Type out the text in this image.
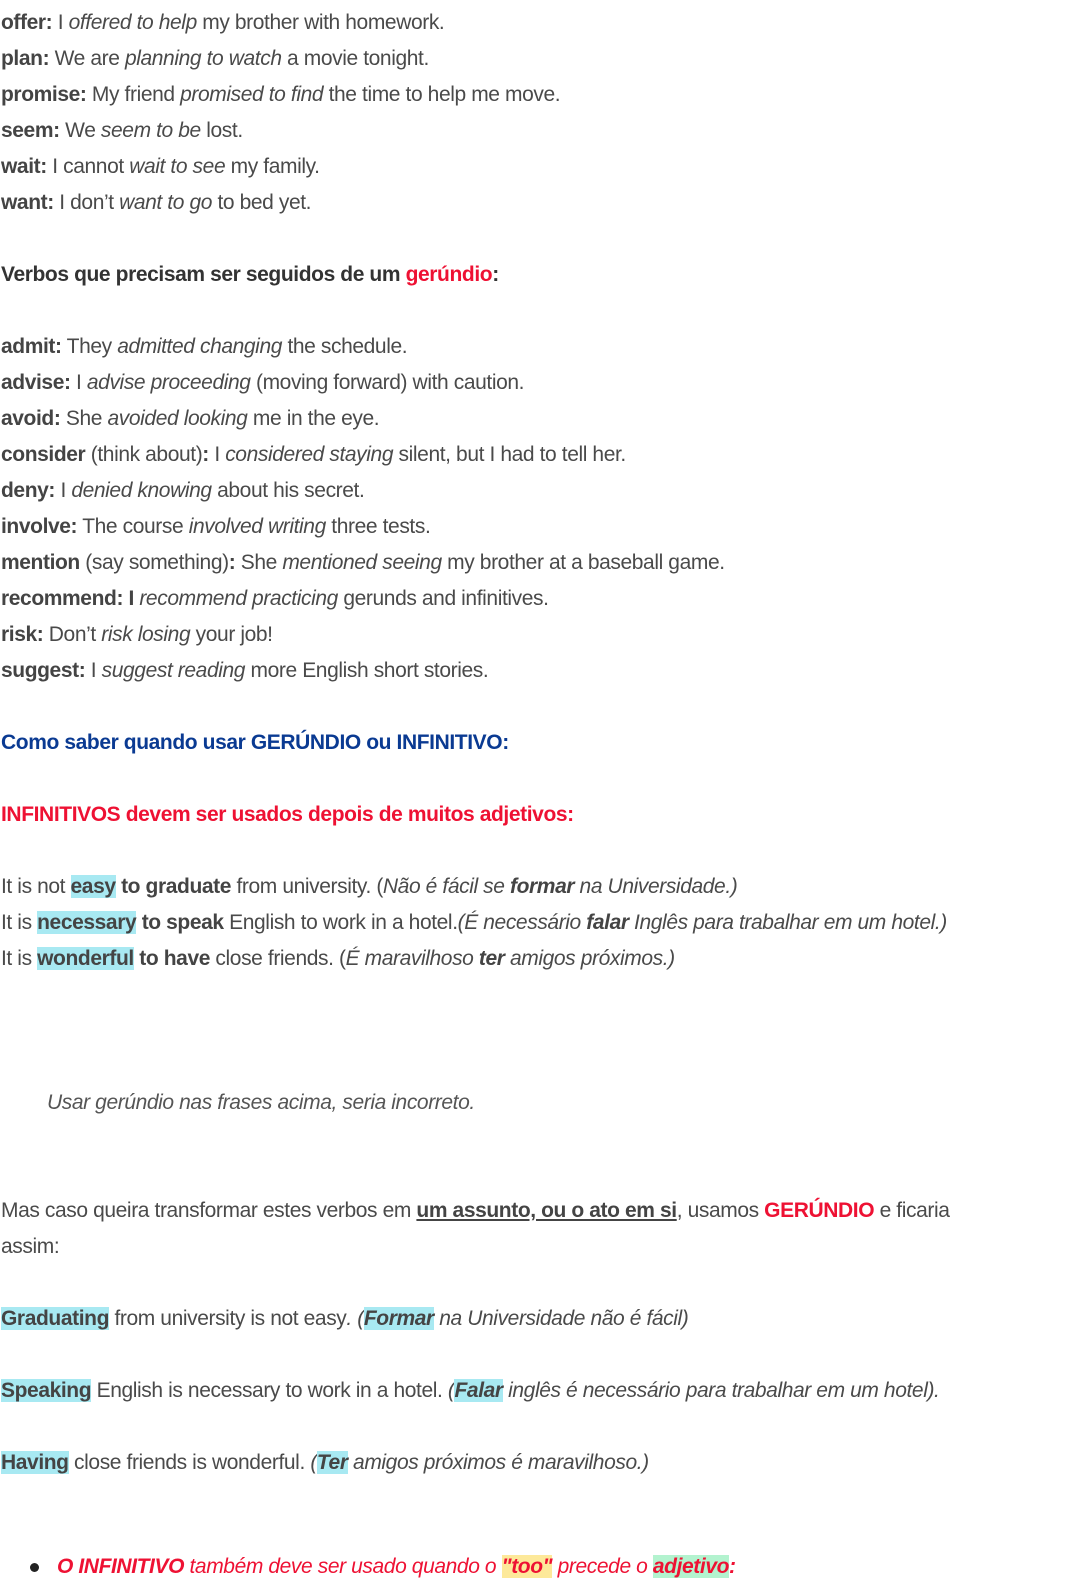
offer: I offered to help my brother with homework.
plan: We are planning to watch a movie tonight.
promise: My friend promised to find the time to help me move.
seem: We seem to be lost.
wait: I cannot wait to see my family.
want: I don’t want to go to bed yet.
Verbos que precisam ser seguidos de um gerúndio:
admit: They admitted changing the schedule.
advise: I advise proceeding (moving forward) with caution.
avoid: She avoided looking me in the eye.
consider (think about): I considered staying silent, but I had to tell her.
deny: I denied knowing about his secret.
involve: The course involved writing three tests.
mention (say something): She mentioned seeing my brother at a baseball game.
recommend: I recommend practicing gerunds and infinitives.
risk: Don’t risk losing your job!
suggest: I suggest reading more English short stories.
Como saber quando usar GERÚNDIO ou INFINITIVO:
INFINITIVOS devem ser usados depois de muitos adjetivos:
It is not easy to graduate from university. (Não é fácil se formar na Universidade.)
It is necessary to speak English to work in a hotel.(É necessário falar Inglês para trabalhar em um hotel.)
It is wonderful to have close friends. (É maravilhoso ter amigos próximos.)
Usar gerúndio nas frases acima, seria incorreto.
Mas caso queira transformar estes verbos em um assunto, ou o ato em si, usamos GERÚNDIO e ficaria
assim:
Graduating from university is not easy. (Formar na Universidade não é fácil)
Speaking English is necessary to work in a hotel. (Falar inglês é necessário para trabalhar em um hotel).
Having close friends is wonderful. (Ter amigos próximos é maravilhoso.)
O INFINITIVO também deve ser usado quando o "too" precede o adjetivo:
